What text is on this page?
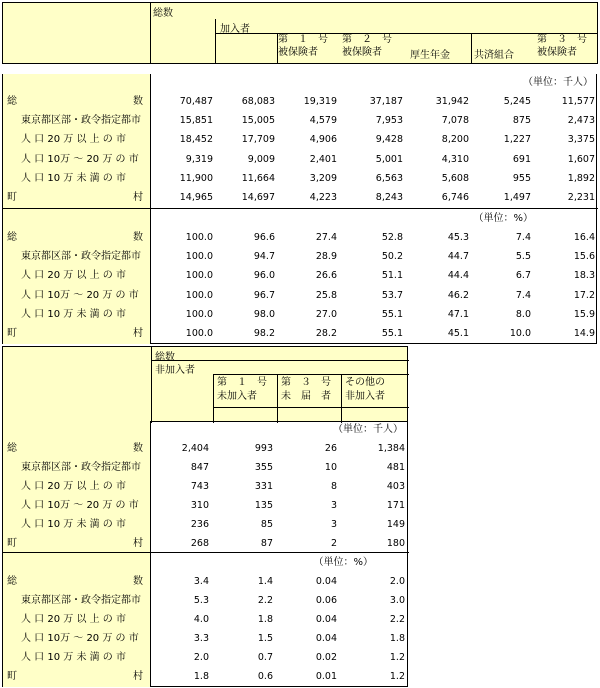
総数
加入者
第　１　号
被保険者
第　２　号
被保険者	厚生年金 共済組合
第　３　号
被保険者
（単位：千人）
総	数	70,487	68,083	19,319	37,187	31,942	5,245	11,577
東京都区部・政令指定都市	15,851	15,005	4,579	7,953	7,078	875	2,473
人 口 20 万 以 上 の 市	18,452	17,709	4,906	9,428	8,200	1,227	3,375
人 口 10万 ～ 20 万 の 市	9,319	9,009	2,401	5,001	4,310	691	1,607
人 口 10 万 未 満 の 市	11,900	11,664	3,209	6,563	5,608	955	1,892
町	村	14,965	14,697	4,223	8,243	6,746	1,497	2,231
（単位：%）
総	数	100.0	96.6	27.4	52.8	45.3	7.4	16.4
東京都区部・政令指定都市	100.0	94.7	28.9	50.2	44.7	5.5	15.6
人 口 20 万 以 上 の 市	100.0	96.0	26.6	51.1	44.4	6.7	18.3
人 口 10万 ～ 20 万 の 市	100.0	96.7	25.8	53.7	46.2	7.4	17.2
人 口 10 万 未 満 の 市	100.0	98.0	27.0	55.1	47.1	8.0	15.9
町	村	100.0	98.2	28.2	55.1	45.1	10.0	14.9
総数
非加入者
第　１　号
未加入者
第　３　号
未　届　者
その他の
非加入者
（単位：千人）
総	数	2,404	993	26	1,384
東京都区部・政令指定都市	847	355	10	481
人 口 20 万 以 上 の 市	743	331	8	403
人 口 10万 ～ 20 万 の 市	310	135	3	171
人 口 10 万 未 満 の 市	236	85	3	149
町	村	268	87	2	180
（単位：%）
総	数	3.4	1.4	0.04	2.0
東京都区部・政令指定都市	5.3	2.2	0.06	3.0
人 口 20 万 以 上 の 市	4.0	1.8	0.04	2.2
人 口 10万 ～ 20 万 の 市	3.3	1.5	0.04	1.8
人 口 10 万 未 満 の 市	2.0	0.7	0.02	1.2
町	村	1.8	0.6	0.01	1.2
